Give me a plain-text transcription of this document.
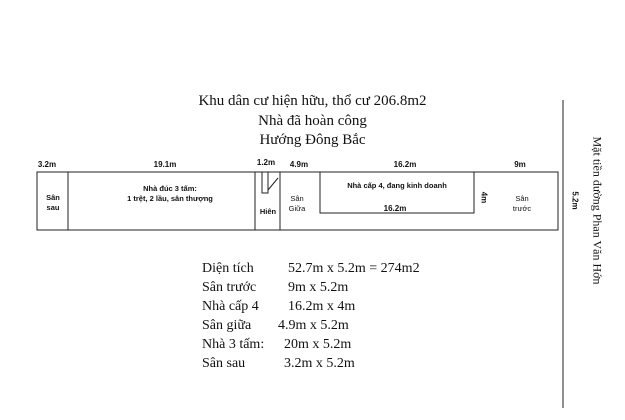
Khu dân cư hiện hữu, thổ cư 206.8m2
Nhà đã hoàn công
Hướng Đông Bắc
3.2m	19.1m	1.2m	4.9m	16.2m	9m
5.2m
4m
16.2m
Sân
sau
Nhà đúc 3 tấm:
1 trệt, 2 lầu, sân thượng
Hiên
Sân
Giữa
Nhà cấp 4, đang kinh doanh
Sân
trước	Mặt tiền đường Phan Văn Hớn
Diện tích 52.7m x 5.2m = 274m2
Sân trước 9m x 5.2m
Nhà cấp 4 16.2m x 4m
Sân giữa 4.9m x 5.2m
Nhà 3 tấm: 20m x 5.2m
Sân sau	3.2m x 5.2m
